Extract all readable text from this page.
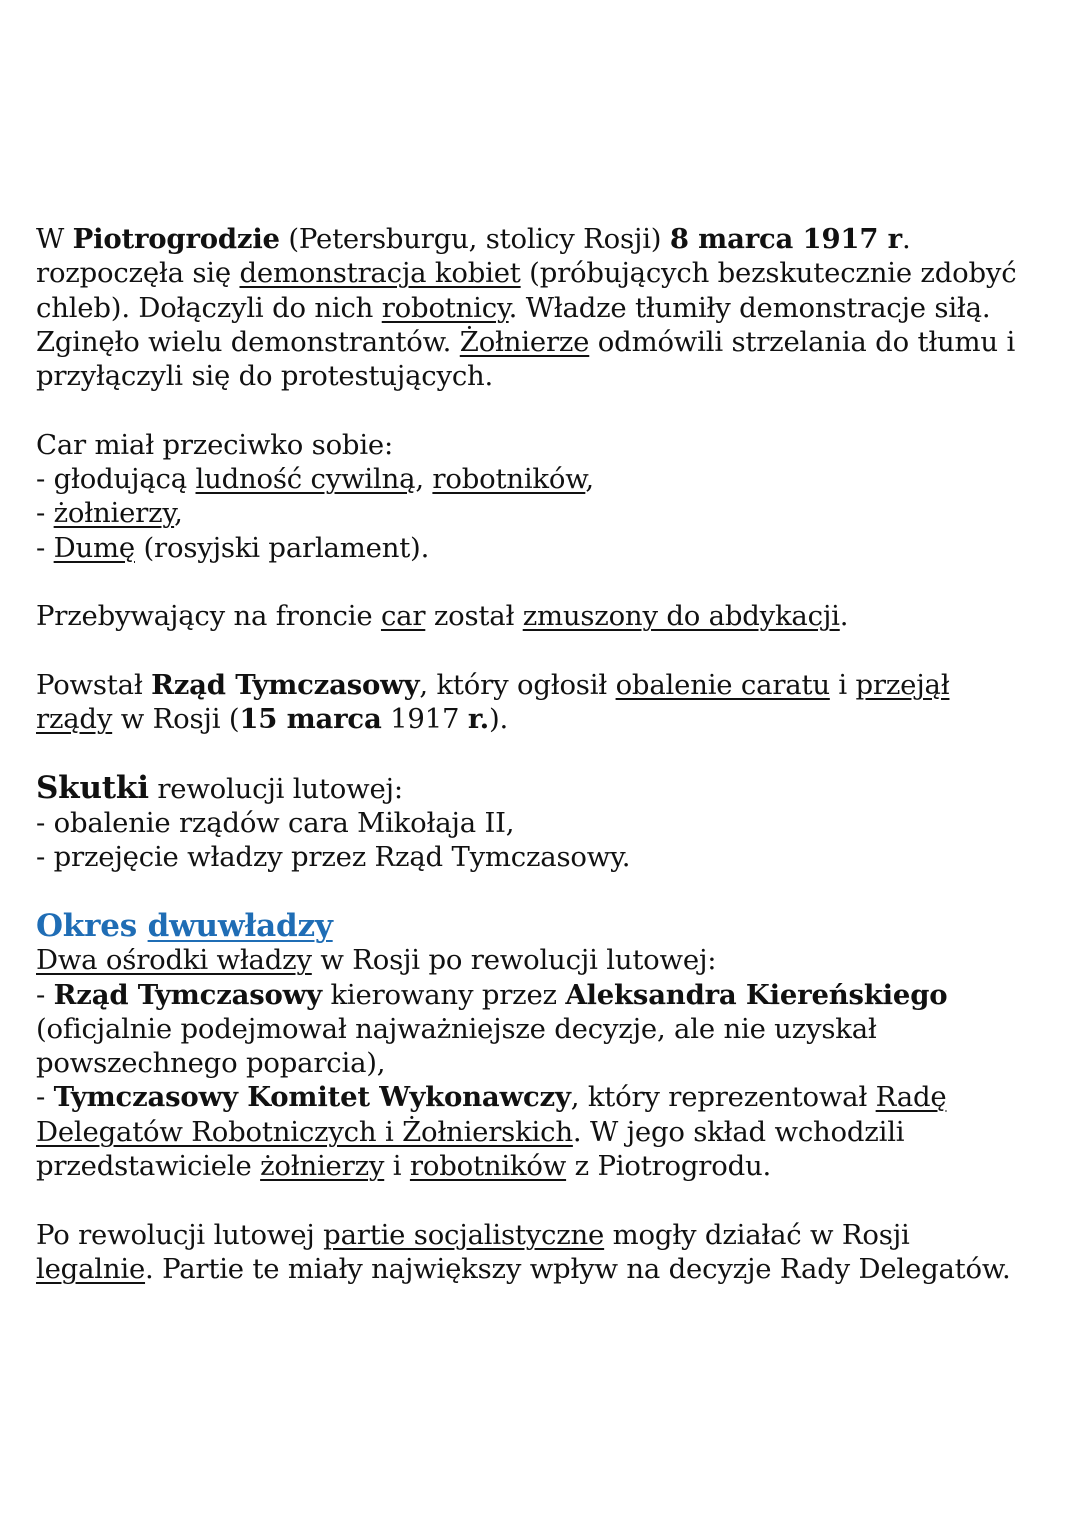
W Piotrogrodzie (Petersburgu, stolicy Rosji) 8 marca 1917 r.
rozpoczęła się demonstracja kobiet (próbujących bezskutecznie zdobyć
chleb). Dołączyli do nich robotnicy. Władze tłumiły demonstracje siłą.
Zginęło wielu demonstrantów. Żołnierze odmówili strzelania do tłumu i
przyłączyli się do protestujących.

Car miał przeciwko sobie:
- głodującą ludność cywilną, robotników,
- żołnierzy,
- Dumę (rosyjski parlament).

Przebywający na froncie car został zmuszony do abdykacji.

Powstał Rząd Tymczasowy, który ogłosił obalenie caratu i przejął
rządy w Rosji (15 marca 1917 r.).

Skutki rewolucji lutowej:
- obalenie rządów cara Mikołaja II,
- przejęcie władzy przez Rząd Tymczasowy.

Okres dwuwładzy
Dwa ośrodki władzy w Rosji po rewolucji lutowej:
- Rząd Tymczasowy kierowany przez Aleksandra Kiereńskiego
(oficjalnie podejmował najważniejsze decyzje, ale nie uzyskał
powszechnego poparcia),
- Tymczasowy Komitet Wykonawczy, który reprezentował Radę
Delegatów Robotniczych i Żołnierskich. W jego skład wchodzili
przedstawiciele żołnierzy i robotników z Piotrogrodu.

Po rewolucji lutowej partie socjalistyczne mogły działać w Rosji
legalnie. Partie te miały największy wpływ na decyzje Rady Delegatów.
